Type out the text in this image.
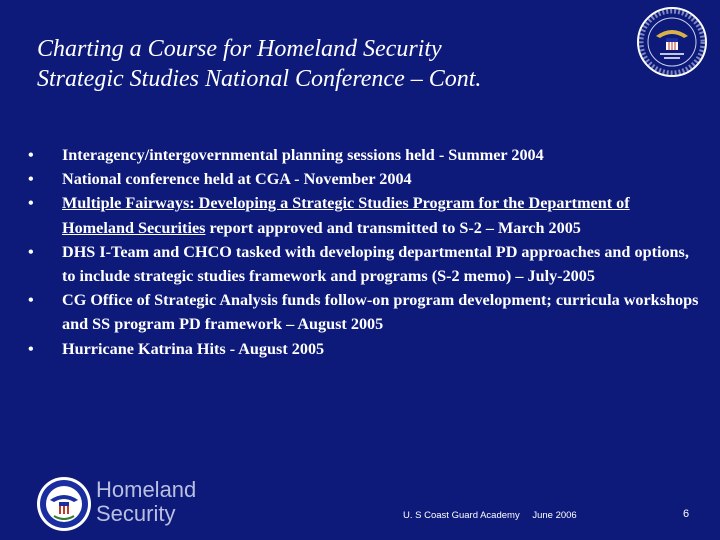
Charting a Course for Homeland Security
Strategic Studies National Conference – Cont.
• Interagency/intergovernmental planning sessions held - Summer 2004
• National conference held at CGA - November 2004
• Multiple Fairways: Developing a Strategic Studies Program for the Department of Homeland Securities report approved and transmitted to S-2 – March 2005
• DHS I-Team and CHCO tasked with developing departmental PD approaches and options, to include strategic studies framework and programs (S-2 memo) – July-2005
• CG Office of Strategic Analysis funds follow-on program development; curricula workshops and SS program PD framework – August 2005
• Hurricane Katrina Hits - August 2005
Homeland
Security	U. S Coast Guard Academy June 2006	6
